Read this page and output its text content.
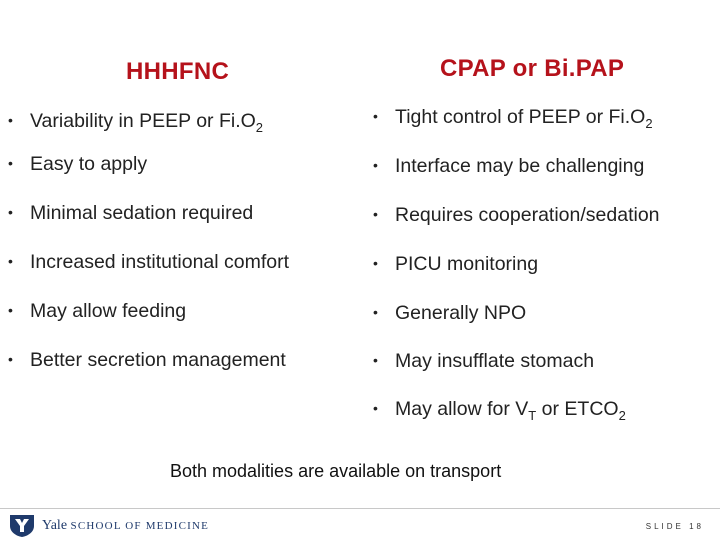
HHHFNC	CPAP or Bi.PAP
• Variability in PEEP or $Fi.O_2$
• Easy to apply
• Minimal sedation required
• Increased institutional comfort
• May allow feeding
• Better secretion management
• Tight control of PEEP or $Fi.O_2$
• Interface may be challenging
• Requires cooperation/sedation
• PICU monitoring
• Generally NPO
• May insufflate stomach
• May allow for $V_T$ or $ETCO_2$
Both modalities are available on transport
Yale SCHOOL OF MEDICINE	SLIDE 18
